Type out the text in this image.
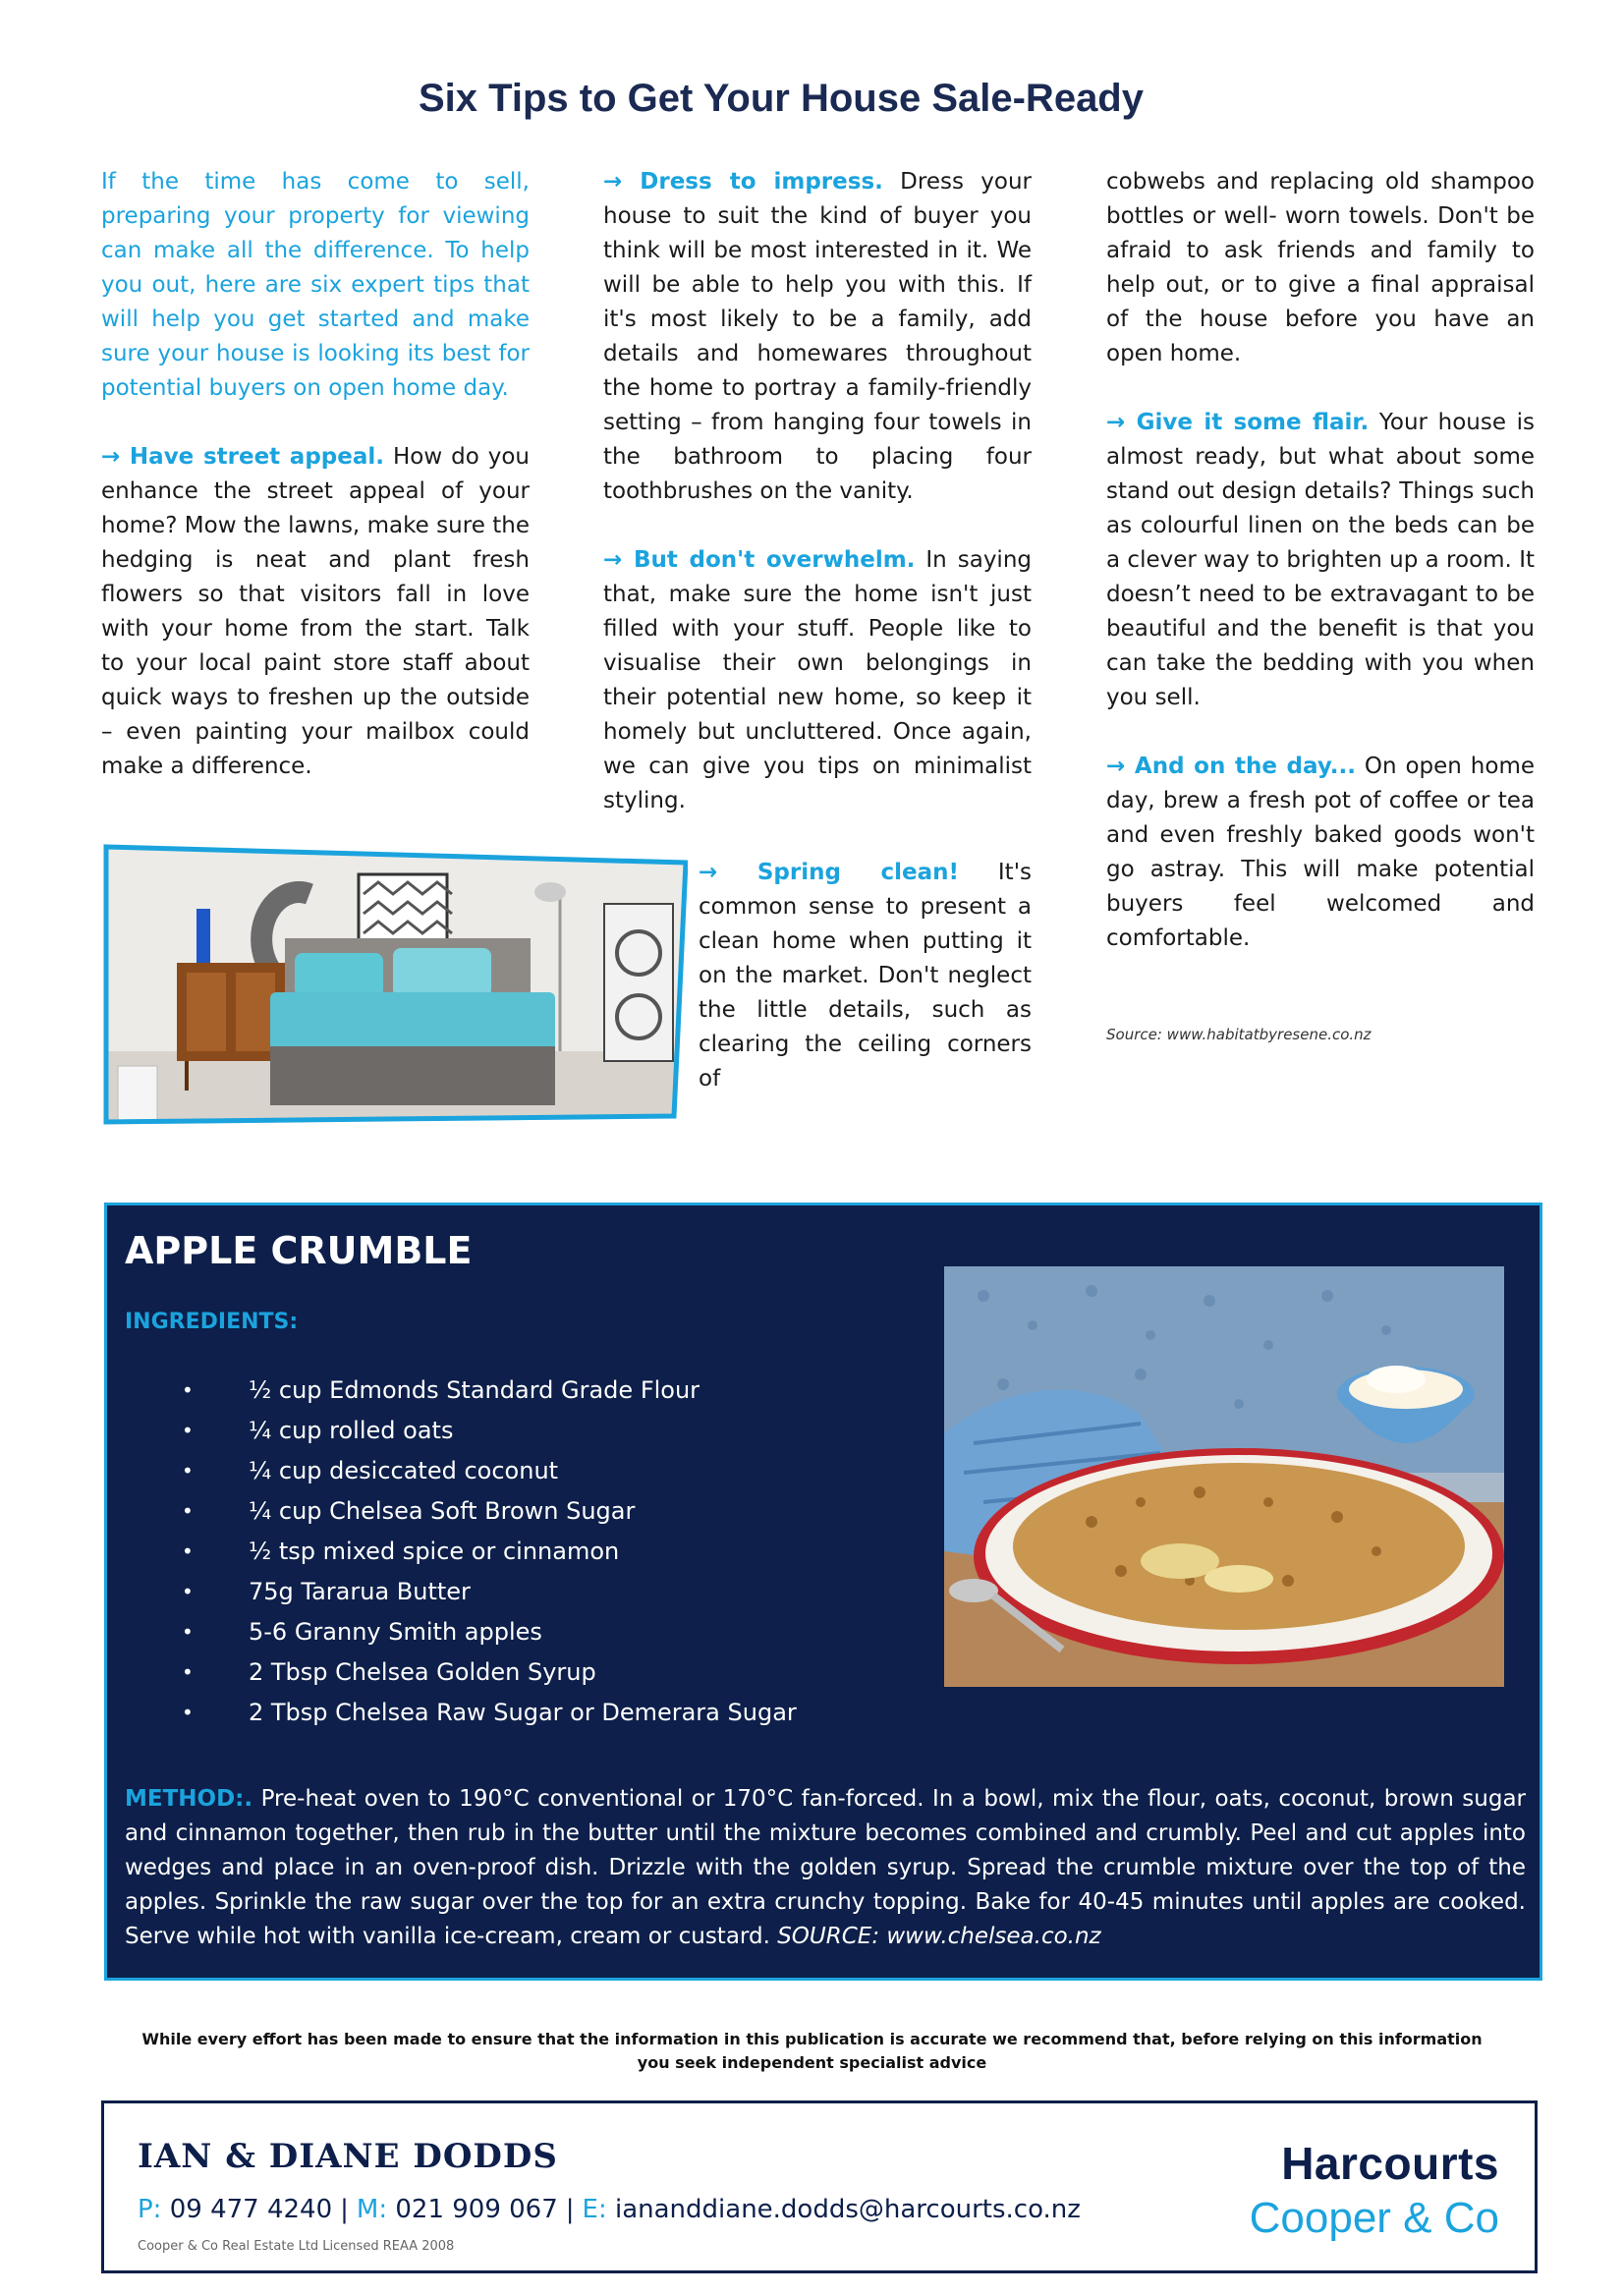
Six Tips to Get Your House Sale-Ready

If the time has come to sell, preparing your property for viewing can make all the difference. To help you out, here are six expert tips that will help you get started and make sure your house is looking its best for potential buyers on open home day.

→ Have street appeal. How do you enhance the street appeal of your home? Mow the lawns, make sure the hedging is neat and plant fresh flowers so that visitors fall in love with your home from the start. Talk to your local paint store staff about quick ways to freshen up the outside – even painting your mailbox could make a difference.

→ Dress to impress. Dress your house to suit the kind of buyer you think will be most interested in it. We will be able to help you with this. If it's most likely to be a family, add details and homewares throughout the home to portray a family-friendly setting – from hanging four towels in the bathroom to placing four toothbrushes on the vanity.

→ But don't overwhelm. In saying that, make sure the home isn't just filled with your stuff. People like to visualise their own belongings in their potential new home, so keep it homely but uncluttered. Once again, we can give you tips on minimalist styling.

→ Spring clean! It's common sense to present a clean home when putting it on the market. Don't neglect the little details, such as clearing the ceiling corners of

cobwebs and replacing old shampoo bottles or well- worn towels. Don't be afraid to ask friends and family to help out, or to give a final appraisal of the house before you have an open home.

→ Give it some flair. Your house is almost ready, but what about some stand out design details? Things such as colourful linen on the beds can be a clever way to brighten up a room. It doesn’t need to be extravagant to be beautiful and the benefit is that you can take the bedding with you when you sell.

→ And on the day... On open home day, brew a fresh pot of coffee or tea and even freshly baked goods won't go astray. This will make potential buyers feel welcomed and comfortable.

Source: www.habitatbyresene.co.nz
APPLE CRUMBLE
INGREDIENTS:
• ½ cup Edmonds Standard Grade Flour
• ¼ cup rolled oats
• ¼ cup desiccated coconut
• ¼ cup Chelsea Soft Brown Sugar
• ½ tsp mixed spice or cinnamon
• 75g Tararua Butter
• 5-6 Granny Smith apples
• 2 Tbsp Chelsea Golden Syrup
• 2 Tbsp Chelsea Raw Sugar or Demerara Sugar
METHOD:. Pre-heat oven to 190°C conventional or 170°C fan-forced. In a bowl, mix the flour, oats, coconut, brown sugar and cinnamon together, then rub in the butter until the mixture becomes combined and crumbly. Peel and cut apples into wedges and place in an oven-proof dish. Drizzle with the golden syrup. Spread the crumble mixture over the top of the apples. Sprinkle the raw sugar over the top for an extra crunchy topping. Bake for 40-45 minutes until apples are cooked. Serve while hot with vanilla ice-cream, cream or custard. SOURCE: www.chelsea.co.nz
While every effort has been made to ensure that the information in this publication is accurate we recommend that, before relying on this information
you seek independent specialist advice
IAN & DIANE DODDS
P: 09 477 4240 | M: 021 909 067 | E: iananddiane.dodds@harcourts.co.nz
Cooper & Co Real Estate Ltd Licensed REAA 2008
Harcourts
Cooper & Co
